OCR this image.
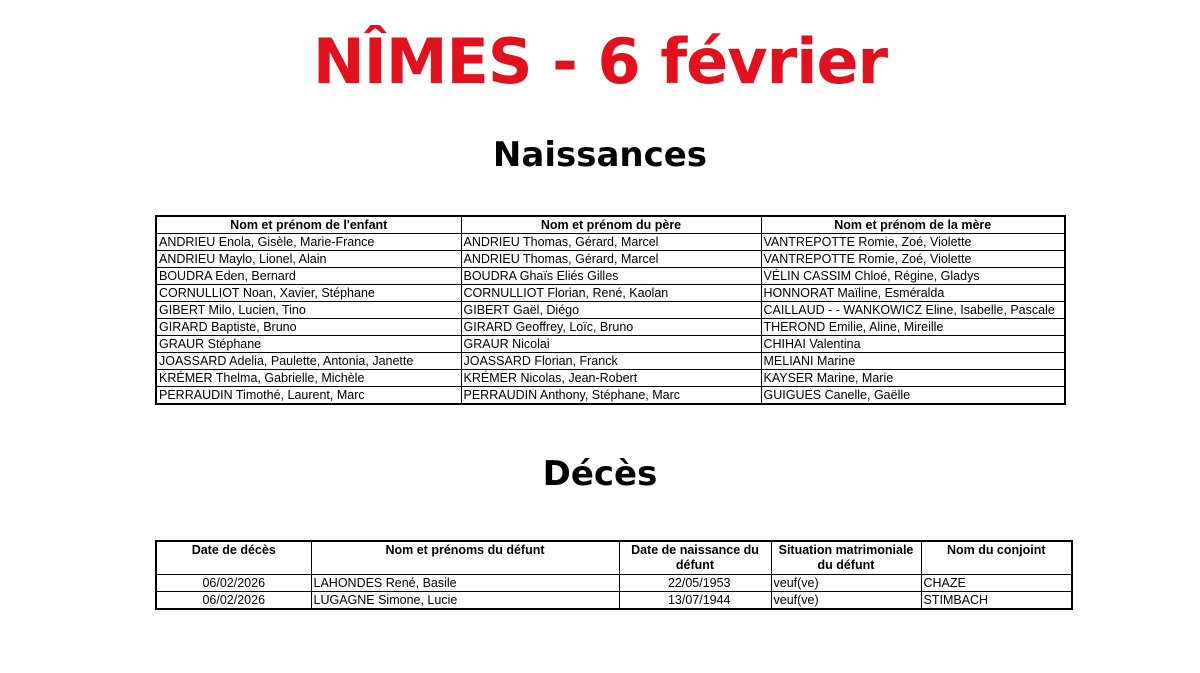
NÎMES - 6 février
Naissances
Nom et prénom de l'enfant	Nom et prénom du père	Nom et prénom de la mère
ANDRIEU Enola, Gisèle, Marie-France	ANDRIEU Thomas, Gérard, Marcel	VANTREPOTTE Romie, Zoé, Violette
ANDRIEU Maylo, Lionel, Alain	ANDRIEU Thomas, Gérard, Marcel	VANTREPOTTE Romie, Zoé, Violette
BOUDRA Eden, Bernard	BOUDRA Ghaïs Eliés Gilles	VÉLIN CASSIM Chloé, Régine, Gladys
CORNULLIOT Noan, Xavier, Stéphane	CORNULLIOT Florian, René, Kaolan	HONNORAT Maïline, Esméralda
GIBERT Milo, Lucien, Tino	GIBERT Gaël, Diégo	CAILLAUD - - WANKOWICZ Eline, Isabelle, Pascale
GIRARD Baptiste, Bruno	GIRARD Geoffrey, Loïc, Bruno	THEROND Emilie, Aline, Mireille
GRAUR Stéphane	GRAUR Nicolai	CHIHAI Valentina
JOASSARD Adelia, Paulette, Antonia, Janette	JOASSARD Florian, Franck	MELIANI Marine
KRÉMER Thelma, Gabrielle, Michèle	KRÉMER Nicolas, Jean-Robert	KAYSER Marine, Marie
PERRAUDIN Timothé, Laurent, Marc	PERRAUDIN Anthony, Stéphane, Marc	GUIGUES Canelle, Gaëlle
Décès
Date de décès	Nom et prénoms du défunt	Date de naissance du défunt	Situation matrimoniale du défunt	Nom du conjoint
06/02/2026	LAHONDES René, Basile	22/05/1953	veuf(ve)	CHAZE
06/02/2026	LUGAGNE Simone, Lucie	13/07/1944	veuf(ve)	STIMBACH
